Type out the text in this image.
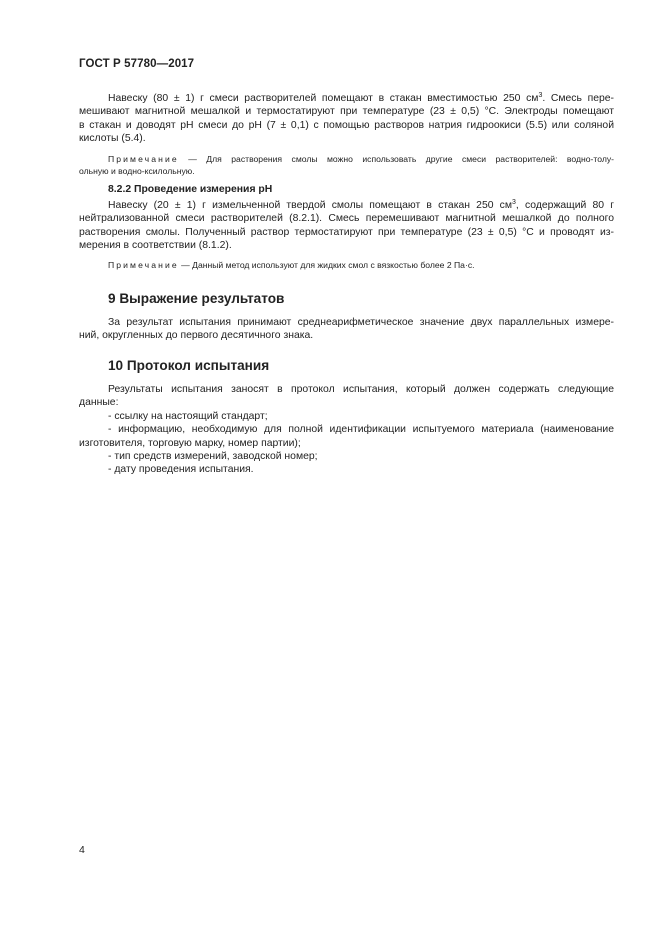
ГОСТ Р 57780—2017
Навеску (80 ± 1) г смеси растворителей помещают в стакан вместимостью 250 $см^3$. Смесь пере-
мешивают магнитной мешалкой и термостатируют при температуре (23 ± 0,5) °С. Электроды помещают
в стакан и доводят pH смеси до pH (7 ± 0,1) с помощью растворов натрия гидроокиси (5.5) или соляной
кислоты (5.4).
Примечание — Для растворения смолы можно использовать другие смеси растворителей: водно-толу-
ольную и водно-ксилольную.
8.2.2 Проведение измерения pH
Навеску (20 ± 1) г измельченной твердой смолы помещают в стакан 250 $см^3$, содержащий 80 г
нейтрализованной смеси растворителей (8.2.1). Смесь перемешивают магнитной мешалкой до полного
растворения смолы. Полученный раствор термостатируют при температуре (23 ± 0,5) °С и проводят из-
мерения в соответствии (8.1.2).
Примечание — Данный метод используют для жидких смол с вязкостью более 2 Па·с.
9 Выражение результатов
За результат испытания принимают среднеарифметическое значение двух параллельных измере-
ний, округленных до первого десятичного знака.
10 Протокол испытания
Результаты испытания заносят в протокол испытания, который должен содержать следующие
данные:
- ссылку на настоящий стандарт;
- информацию, необходимую для полной идентификации испытуемого материала (наименование
изготовителя, торговую марку, номер партии);
- тип средств измерений, заводской номер;
- дату проведения испытания.
4
